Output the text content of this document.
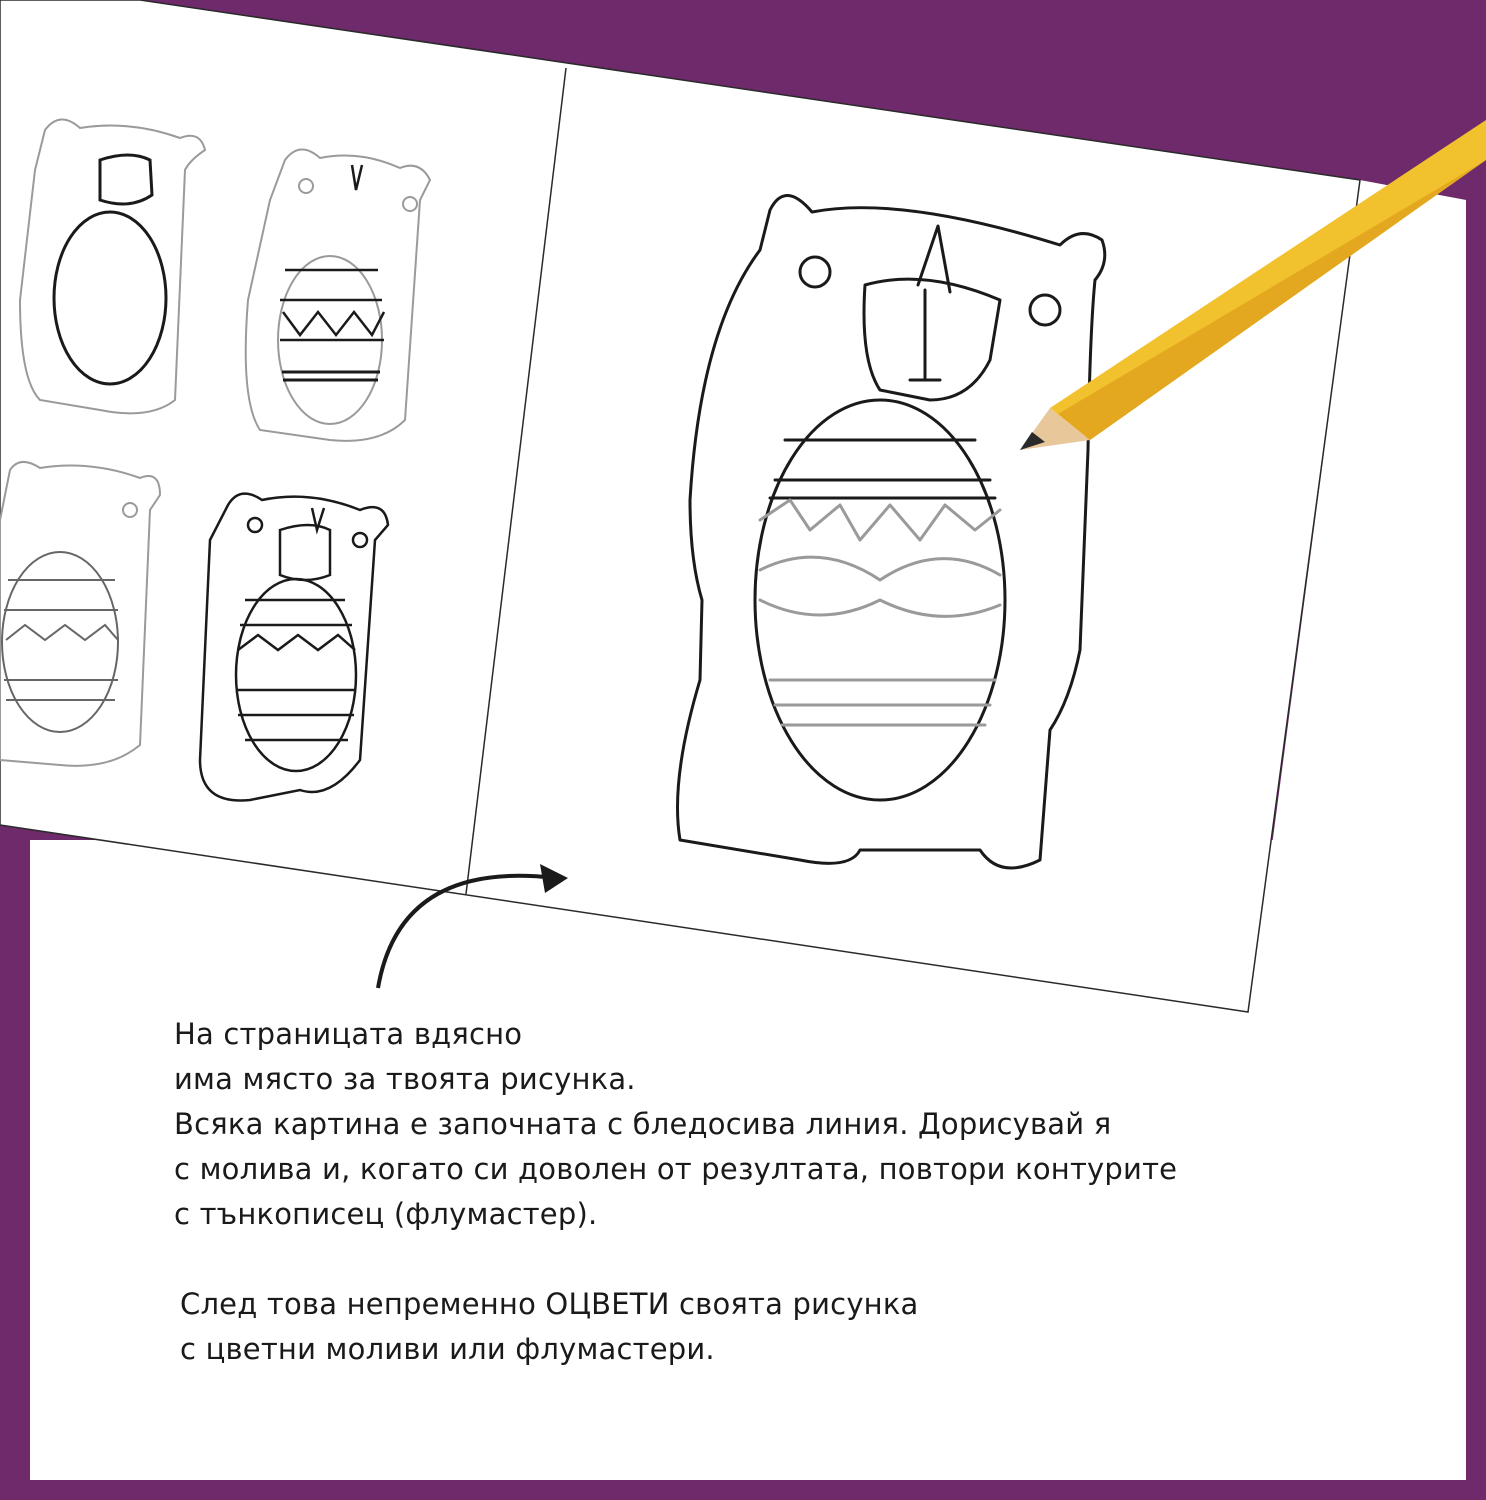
На страницата вдясно
има място за твоята рисунка.
Всяка картина е започната с бледосива линия. Дорисувай я
с молива и, когато си доволен от резултата, повтори контурите
с тънкописец (флумастер).
След това непременно ОЦВЕТИ своята рисунка
с цветни моливи или флумастери.
